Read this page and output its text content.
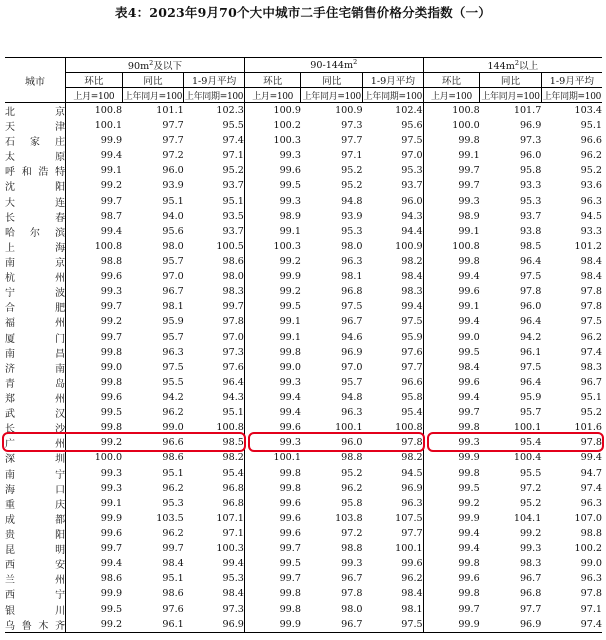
表4：2023年9月70个大中城市二手住宅销售价格分类指数（一）
城市	$90m^2$及以下			$90-144m^2$			$144m^2$以上		
	环比	同比	1-9月平均	环比	同比	1-9月平均	环比	同比	1-9月平均
	上月=100	上年同月=100	上年同期=100	上月=100	上年同月=100	上年同期=100	上月=100	上年同月=100	上年同期=100
北京	100.8	101.1	102.3	100.9	100.9	102.4	100.8	101.7	103.4
天津	100.1	97.7	95.5	100.2	97.3	95.6	100.0	96.9	95.1
石家庄	99.9	97.7	97.4	100.3	97.7	97.5	99.8	97.3	96.6
太原	99.4	97.2	97.1	99.3	97.1	97.0	99.1	96.0	96.2
呼和浩特	99.1	96.0	95.2	99.6	95.2	95.3	99.7	95.8	95.2
沈阳	99.2	93.9	93.7	99.5	95.2	93.7	99.7	93.3	93.6
大连	99.7	95.1	95.1	99.3	94.8	96.0	99.3	95.3	96.3
长春	98.7	94.0	93.5	98.9	93.9	94.3	98.9	93.7	94.5
哈尔滨	99.4	95.6	93.7	99.1	95.3	94.4	99.1	93.8	93.3
上海	100.8	98.0	100.5	100.3	98.0	100.9	100.8	98.5	101.2
南京	98.8	95.7	98.6	99.2	96.3	98.2	99.8	96.4	98.4
杭州	99.6	97.0	98.0	99.9	98.1	98.4	99.4	97.5	98.4
宁波	99.3	96.7	98.3	99.2	96.8	98.3	99.6	97.8	97.8
合肥	99.7	98.1	99.7	99.5	97.5	99.4	99.1	96.0	97.8
福州	99.2	95.9	97.8	99.1	96.7	97.5	99.4	96.4	97.5
厦门	99.7	95.7	97.0	99.1	94.6	95.9	99.0	94.2	96.2
南昌	99.8	96.3	97.3	99.8	96.9	97.6	99.5	96.1	97.4
济南	99.0	97.5	97.6	99.0	97.0	97.7	98.4	97.5	98.3
青岛	99.8	95.5	96.4	99.3	95.7	96.6	99.6	96.4	96.7
郑州	99.6	94.2	94.3	99.4	94.8	95.8	99.4	95.9	95.1
武汉	99.5	96.2	95.1	99.4	96.3	95.4	99.7	95.7	95.2
长沙	99.8	99.0	100.8	99.6	100.1	100.8	99.8	100.1	101.6
广州	99.2	96.6	98.5	99.3	96.0	97.8	99.3	95.4	97.8
深圳	100.0	98.6	98.2	100.1	98.8	98.2	99.9	100.4	99.4
南宁	99.3	95.1	95.4	99.8	95.2	94.5	99.8	95.5	94.7
海口	99.3	96.2	96.8	99.8	96.2	96.9	99.5	97.2	97.4
重庆	99.1	95.3	96.8	99.6	95.8	96.3	99.2	95.2	96.3
成都	99.9	103.5	107.1	99.6	103.8	107.5	99.9	104.1	107.0
贵阳	99.6	96.2	97.1	99.6	97.2	97.7	99.4	99.2	98.8
昆明	99.7	99.7	100.3	99.7	98.8	100.1	99.4	99.3	100.2
西安	99.4	98.4	99.4	99.5	99.3	99.6	99.8	98.3	99.0
兰州	98.6	95.1	95.3	99.7	96.7	96.2	99.6	96.7	96.3
西宁	99.9	98.6	98.4	99.8	97.8	98.4	99.8	96.8	97.8
银川	99.5	97.6	97.3	99.8	98.0	98.1	99.7	97.7	97.1
乌鲁木齐	99.2	96.1	96.9	99.9	96.7	97.5	99.9	96.9	97.4
